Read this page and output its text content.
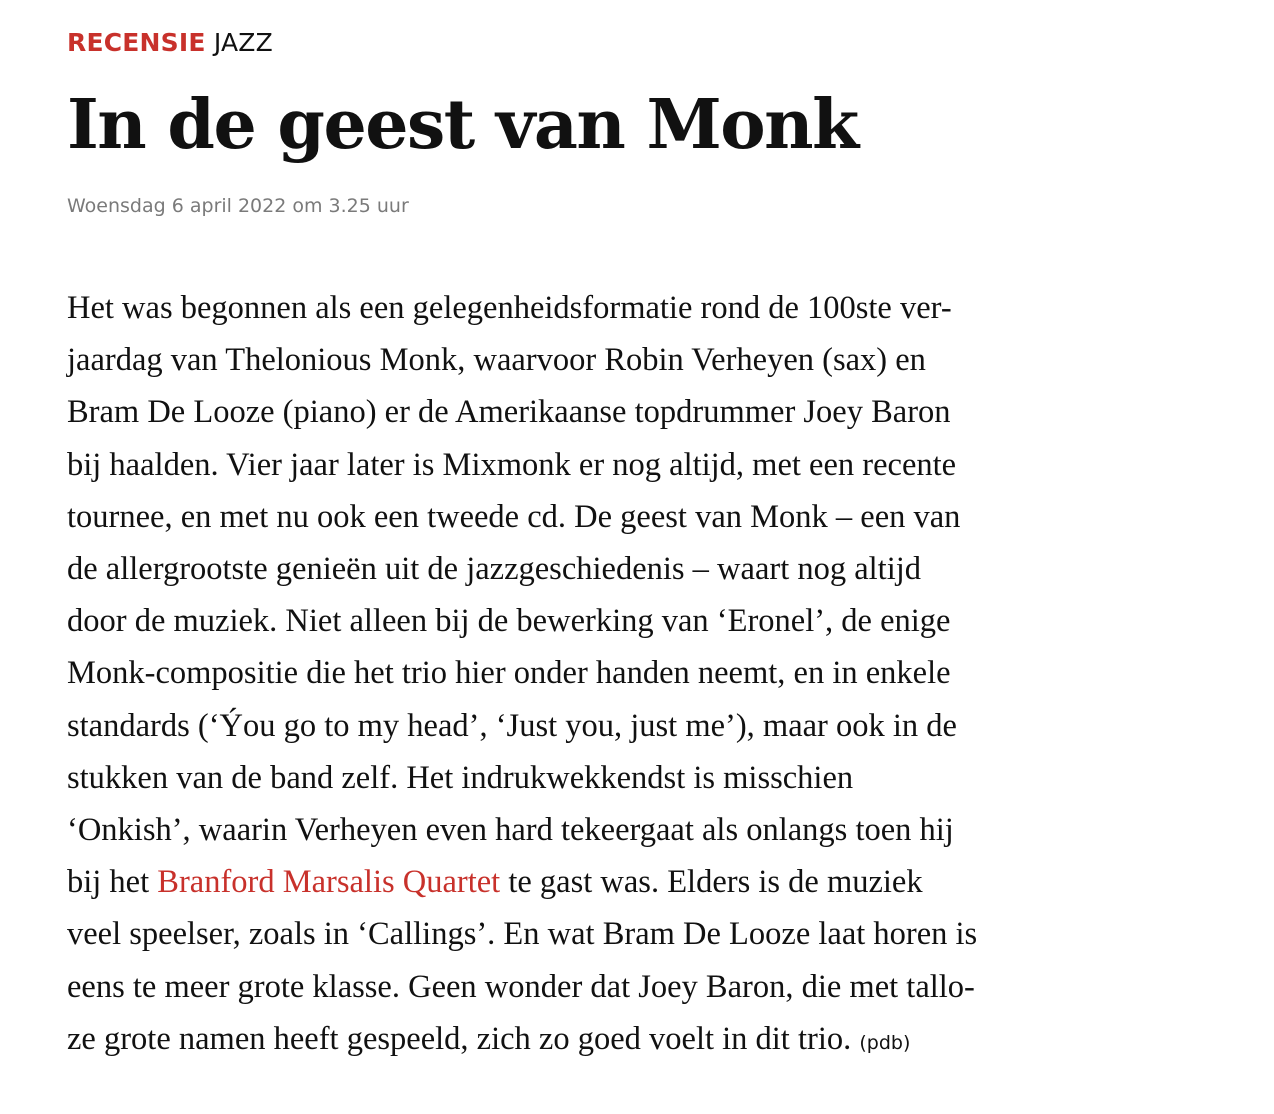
RECENSIE JAZZ

In de geest van Monk

Woensdag 6 april 2022 om 3.25 uur

Het was begonnen als een gelegenheidsformatie rond de 100ste ver-
jaardag van Thelonious Monk, waarvoor Robin Verheyen (sax) en
Bram De Looze (piano) er de Amerikaanse topdrummer Joey Baron
bij haalden. Vier jaar later is Mixmonk er nog altijd, met een recente
tournee, en met nu ook een tweede cd. De geest van Monk – een van
de allergrootste genieën uit de jazzgeschiedenis – waart nog altijd
door de muziek. Niet alleen bij de bewerking van ‘Eronel’, de enige
Monk-compositie die het trio hier onder handen neemt, en in enkele
standards (‘Ýou go to my head’, ‘Just you, just me’), maar ook in de
stukken van de band zelf. Het indrukwekkendst is misschien
‘Onkish’, waarin Verheyen even hard tekeergaat als onlangs toen hij
bij het Branford Marsalis Quartet te gast was. Elders is de muziek
veel speelser, zoals in ‘Callings’. En wat Bram De Looze laat horen is
eens te meer grote klasse. Geen wonder dat Joey Baron, die met tallo-
ze grote namen heeft gespeeld, zich zo goed voelt in dit trio. (pdb)
